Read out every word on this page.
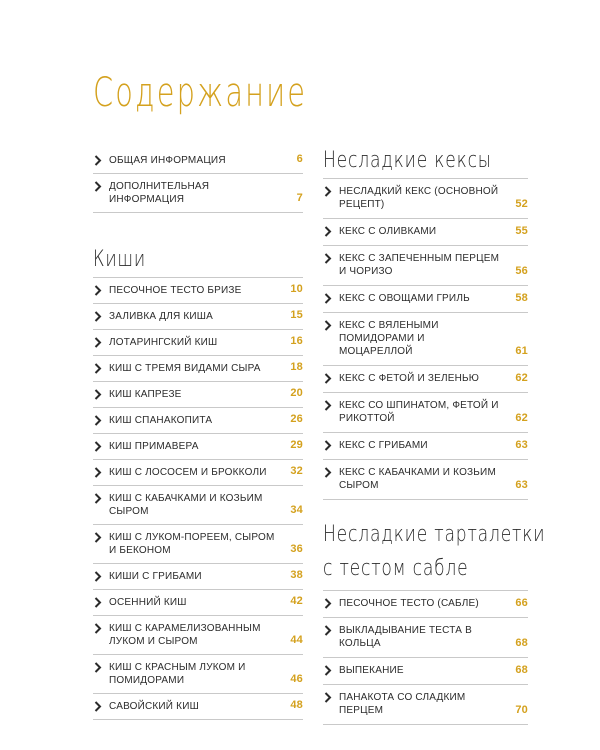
Содержание
ОБЩАЯ ИНФОРМАЦИЯ	6
ДОПОЛНИТЕЛЬНАЯ ИНФОРМАЦИЯ	7
Киши
ПЕСОЧНОЕ ТЕСТО БРИЗЕ	10
ЗАЛИВКА ДЛЯ КИША	15
ЛОТАРИНГСКИЙ КИШ	16
КИШ С ТРЕМЯ ВИДАМИ СЫРА	18
КИШ КАПРЕЗЕ	20
КИШ СПАНАКОПИТА	26
КИШ ПРИМАВЕРА	29
КИШ С ЛОСОСЕМ И БРОККОЛИ	32
КИШ С КАБАЧКАМИ И КОЗЬИМ СЫРОМ	34
КИШ С ЛУКОМ-ПОРЕЕМ, СЫРОМ И БЕКОНОМ	36
КИШИ С ГРИБАМИ	38
ОСЕННИЙ КИШ	42
КИШ С КАРАМЕЛИЗОВАННЫМ ЛУКОМ И СЫРОМ	44
КИШ С КРАСНЫМ ЛУКОМ И ПОМИДОРАМИ	46
САВОЙСКИЙ КИШ	48
Несладкие кексы
НЕСЛАДКИЙ КЕКС (ОСНОВНОЙ РЕЦЕПТ)	52
КЕКС С ОЛИВКАМИ	55
КЕКС С ЗАПЕЧЕННЫМ ПЕРЦЕМ И ЧОРИЗО	56
КЕКС С ОВОЩАМИ ГРИЛЬ	58
КЕКС С ВЯЛЕНЫМИ ПОМИДОРАМИ И МОЦАРЕЛЛОЙ	61
КЕКС С ФЕТОЙ И ЗЕЛЕНЬЮ	62
КЕКС СО ШПИНАТОМ, ФЕТОЙ И РИКОТТОЙ	62
КЕКС С ГРИБАМИ	63
КЕКС С КАБАЧКАМИ И КОЗЬИМ СЫРОМ	63
Несладкие тарталетки с тестом сабле
ПЕСОЧНОЕ ТЕСТО (САБЛЕ)	66
ВЫКЛАДЫВАНИЕ ТЕСТА В КОЛЬЦА	68
ВЫПЕКАНИЕ	68
ПАНАКОТА СО СЛАДКИМ ПЕРЦЕМ	70
